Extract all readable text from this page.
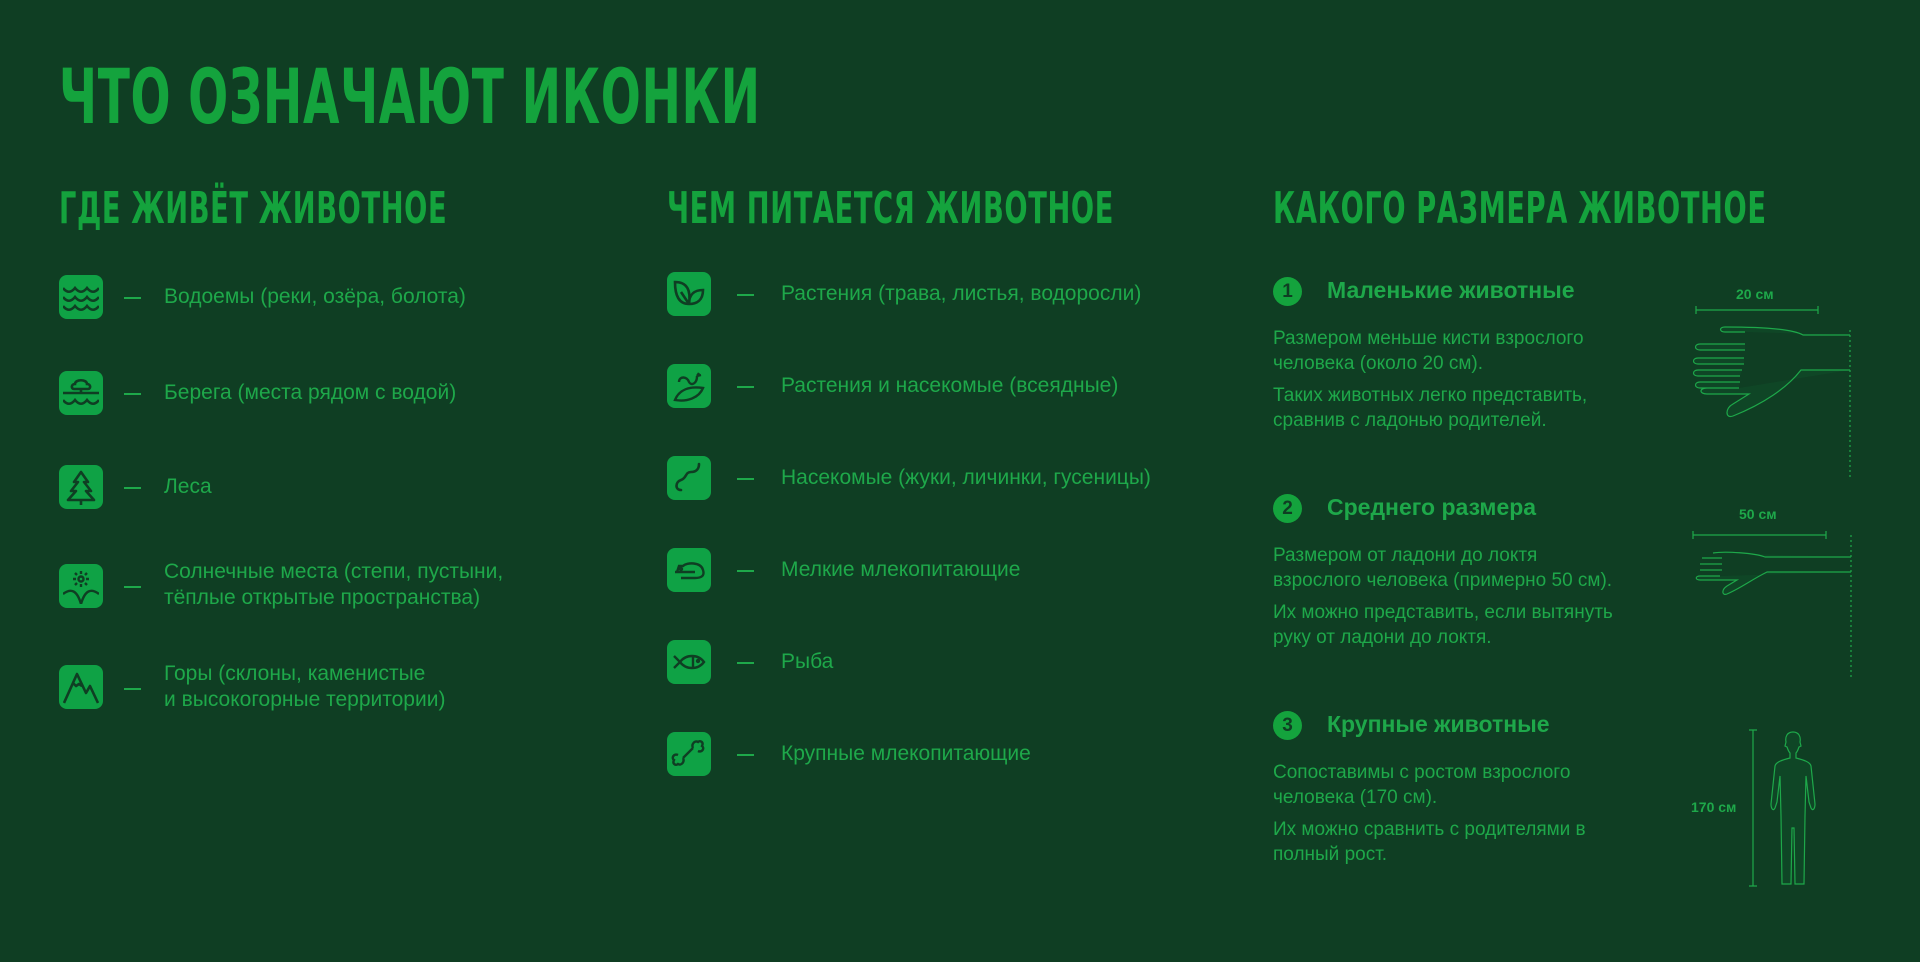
ЧТО ОЗНАЧАЮТ ИКОНКИ
ГДЕ ЖИВЁТ ЖИВОТНОЕ
Водоемы (реки, озёра, болота)
Берега (места рядом с водой)
Леса
Солнечные места (степи, пустыни,
тёплые открытые пространства)
Горы (склоны, каменистые
и высокогорные территории)
ЧЕМ ПИТАЕТСЯ ЖИВОТНОЕ
Растения (трава, листья, водоросли)
Растения и насекомые (всеядные)
Насекомые (жуки, личинки, гусеницы)
Мелкие млекопитающие
Рыба
Крупные млекопитающие
КАКОГО РАЗМЕРА ЖИВОТНОЕ
1	Маленькие животные
Размером меньше кисти взрослого
человека (около 20 см).
Таких животных легко представить,
сравнив с ладонью родителей.
20 см
2	Среднего размера
Размером от ладони до локтя
взрослого человека (примерно 50 см).
Их можно представить, если вытянуть
руку от ладони до локтя.
50 см
3	Крупные животные
Сопоставимы с ростом взрослого
человека (170 см).
Их можно сравнить с родителями в
полный рост.
170 см
